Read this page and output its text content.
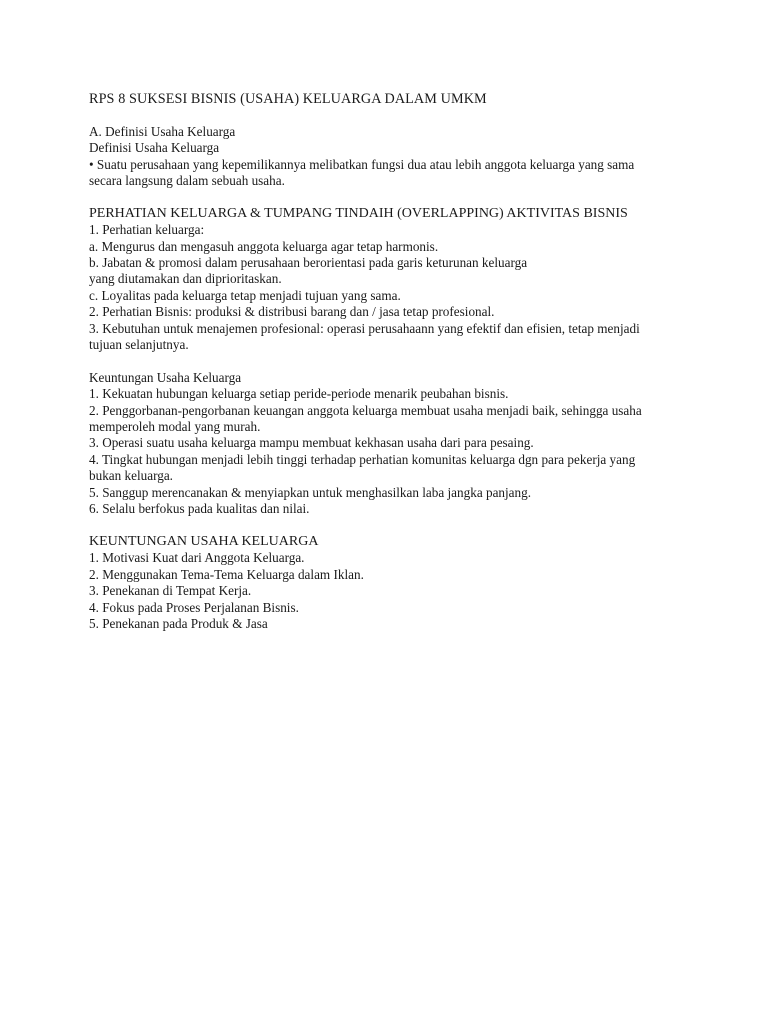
RPS 8 SUKSESI BISNIS (USAHA) KELUARGA DALAM UMKM
A. Definisi Usaha Keluarga
Definisi Usaha Keluarga
• Suatu perusahaan yang kepemilikannya melibatkan fungsi dua atau lebih anggota keluarga yang sama
secara langsung dalam sebuah usaha.
PERHATIAN KELUARGA & TUMPANG TINDAIH (OVERLAPPING) AKTIVITAS BISNIS
1. Perhatian keluarga:
a. Mengurus dan mengasuh anggota keluarga agar tetap harmonis.
b. Jabatan & promosi dalam perusahaan berorientasi pada garis keturunan keluarga
yang diutamakan dan diprioritaskan.
c. Loyalitas pada keluarga tetap menjadi tujuan yang sama.
2. Perhatian Bisnis: produksi & distribusi barang dan / jasa tetap profesional.
3. Kebutuhan untuk menajemen profesional: operasi perusahaann yang efektif dan efisien, tetap menjadi
tujuan selanjutnya.
Keuntungan Usaha Keluarga
1. Kekuatan hubungan keluarga setiap peride-periode menarik peubahan bisnis.
2. Penggorbanan-pengorbanan keuangan anggota keluarga membuat usaha menjadi baik, sehingga usaha
memperoleh modal yang murah.
3. Operasi suatu usaha keluarga mampu membuat kekhasan usaha dari para pesaing.
4. Tingkat hubungan menjadi lebih tinggi terhadap perhatian komunitas keluarga dgn para pekerja yang
bukan keluarga.
5. Sanggup merencanakan & menyiapkan untuk menghasilkan laba jangka panjang.
6. Selalu berfokus pada kualitas dan nilai.
KEUNTUNGAN USAHA KELUARGA
1. Motivasi Kuat dari Anggota Keluarga.
2. Menggunakan Tema-Tema Keluarga dalam Iklan.
3. Penekanan di Tempat Kerja.
4. Fokus pada Proses Perjalanan Bisnis.
5. Penekanan pada Produk & Jasa
